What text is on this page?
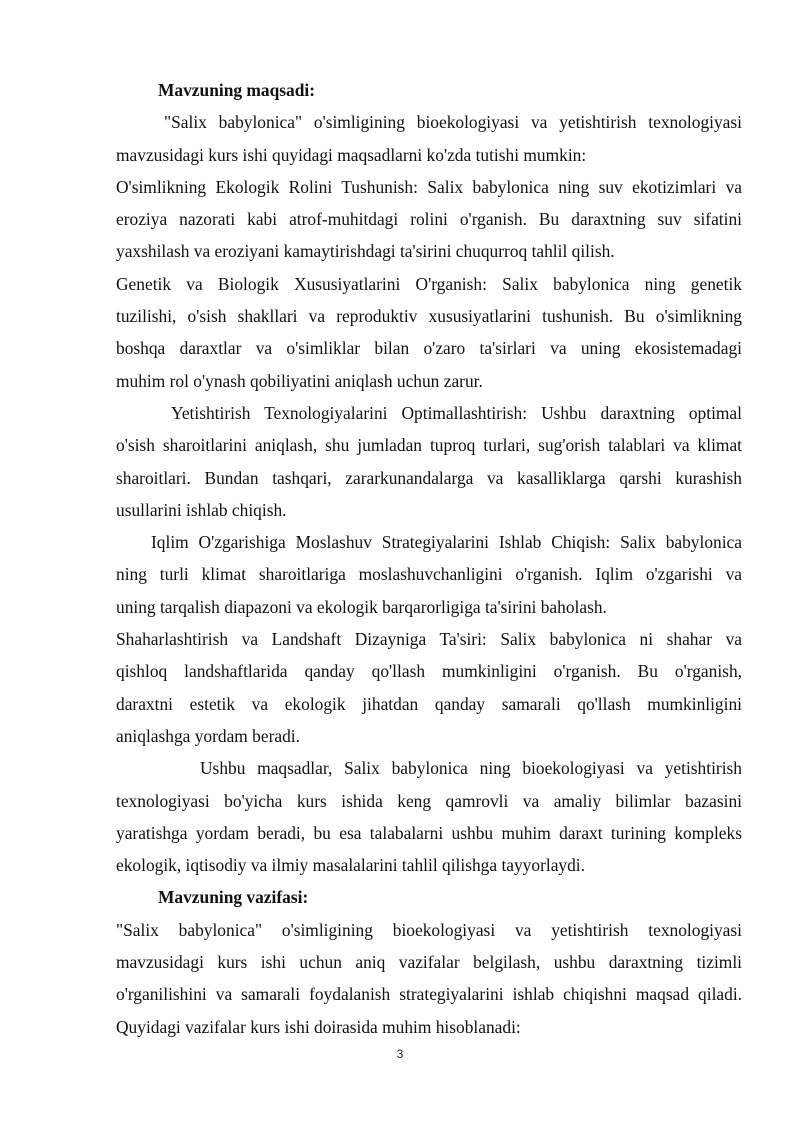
Mavzuning maqsadi:
"Salix babylonica" o'simligining bioekologiyasi va yetishtirish texnologiyasi
mavzusidagi kurs ishi quyidagi maqsadlarni ko'zda tutishi mumkin:
O'simlikning Ekologik Rolini Tushunish: Salix babylonica ning suv ekotizimlari va
eroziya nazorati kabi atrof-muhitdagi rolini o'rganish. Bu daraxtning suv sifatini
yaxshilash va eroziyani kamaytirishdagi ta'sirini chuqurroq tahlil qilish.
Genetik va Biologik Xususiyatlarini O'rganish: Salix babylonica ning genetik
tuzilishi, o'sish shakllari va reproduktiv xususiyatlarini tushunish. Bu o'simlikning
boshqa daraxtlar va o'simliklar bilan o'zaro ta'sirlari va uning ekosistemadagi
muhim rol o'ynash qobiliyatini aniqlash uchun zarur.
Yetishtirish Texnologiyalarini Optimallashtirish: Ushbu daraxtning optimal
o'sish sharoitlarini aniqlash, shu jumladan tuproq turlari, sug'orish talablari va klimat
sharoitlari. Bundan tashqari, zararkunandalarga va kasalliklarga qarshi kurashish
usullarini ishlab chiqish.
Iqlim O'zgarishiga Moslashuv Strategiyalarini Ishlab Chiqish: Salix babylonica
ning turli klimat sharoitlariga moslashuvchanligini o'rganish. Iqlim o'zgarishi va
uning tarqalish diapazoni va ekologik barqarorligiga ta'sirini baholash.
Shaharlashtirish va Landshaft Dizayniga Ta'siri: Salix babylonica ni shahar va
qishloq landshaftlarida qanday qo'llash mumkinligini o'rganish. Bu o'rganish,
daraxtni estetik va ekologik jihatdan qanday samarali qo'llash mumkinligini
aniqlashga yordam beradi.
Ushbu maqsadlar, Salix babylonica ning bioekologiyasi va yetishtirish
texnologiyasi bo'yicha kurs ishida keng qamrovli va amaliy bilimlar bazasini
yaratishga yordam beradi, bu esa talabalarni ushbu muhim daraxt turining kompleks
ekologik, iqtisodiy va ilmiy masalalarini tahlil qilishga tayyorlaydi.
Mavzuning vazifasi:
"Salix babylonica" o'simligining bioekologiyasi va yetishtirish texnologiyasi
mavzusidagi kurs ishi uchun aniq vazifalar belgilash, ushbu daraxtning tizimli
o'rganilishini va samarali foydalanish strategiyalarini ishlab chiqishni maqsad qiladi.
Quyidagi vazifalar kurs ishi doirasida muhim hisoblanadi:
3
